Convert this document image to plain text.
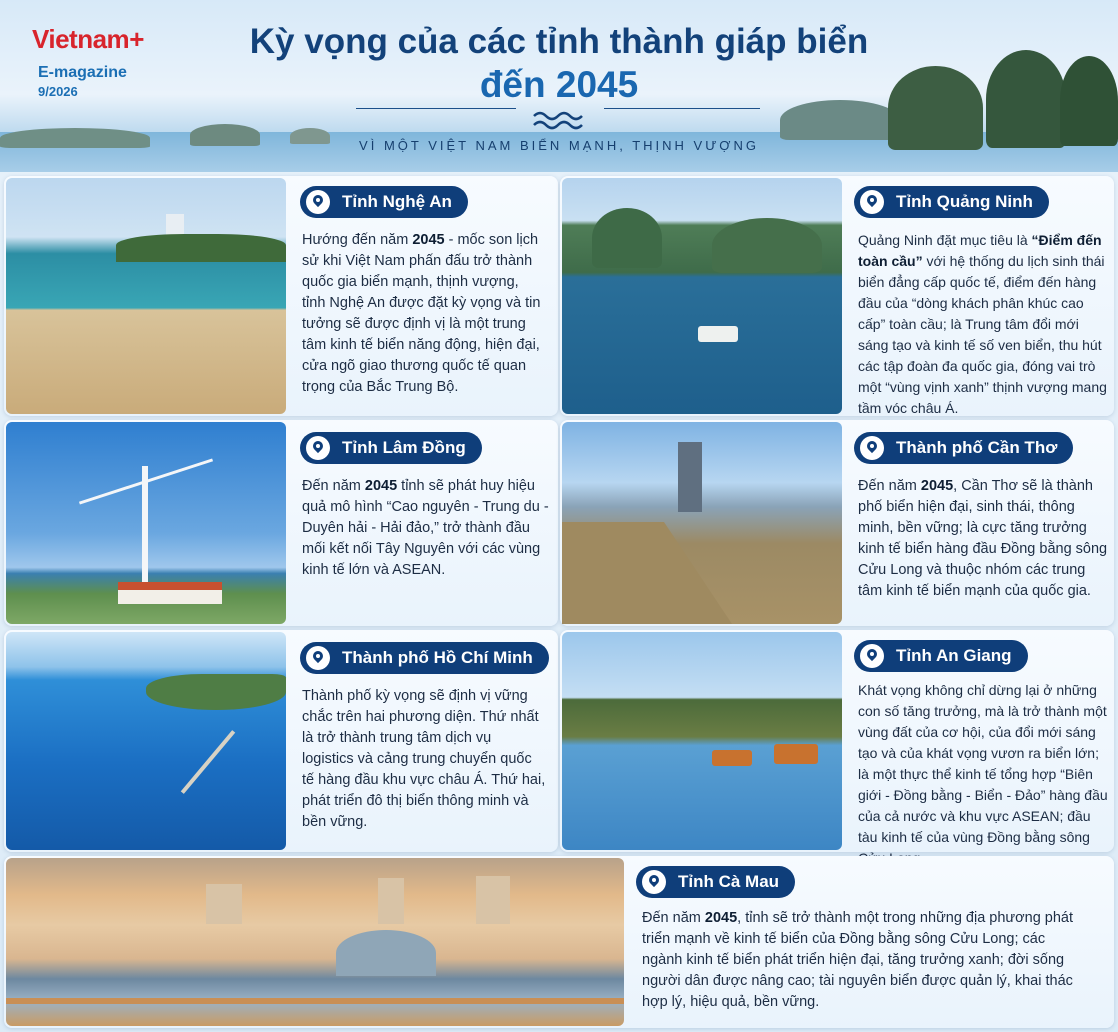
Vietnam+
E-magazine
9/2026
Kỳ vọng của các tỉnh thành giáp biển
đến 2045
VÌ MỘT VIỆT NAM BIỂN MẠNH, THỊNH VƯỢNG
Tỉnh Nghệ An
Hướng đến năm 2045 - mốc son lịch sử khi Việt Nam phấn đấu trở thành quốc gia biển mạnh, thịnh vượng, tỉnh Nghệ An được đặt kỳ vọng và tin tưởng sẽ được định vị là một trung tâm kinh tế biển năng động, hiện đại, cửa ngõ giao thương quốc tế quan trọng của Bắc Trung Bộ.
Tỉnh Quảng Ninh
Quảng Ninh đặt mục tiêu là “Điểm đến toàn cầu” với hệ thống du lịch sinh thái biển đẳng cấp quốc tế, điểm đến hàng đầu của “dòng khách phân khúc cao cấp” toàn cầu; là Trung tâm đổi mới sáng tạo và kinh tế số ven biển, thu hút các tập đoàn đa quốc gia, đóng vai trò một “vùng vịnh xanh” thịnh vượng mang tầm vóc châu Á.
Tỉnh Lâm Đồng
Đến năm 2045 tỉnh sẽ phát huy hiệu quả mô hình “Cao nguyên - Trung du - Duyên hải - Hải đảo,” trở thành đầu mối kết nối Tây Nguyên với các vùng kinh tế lớn và ASEAN.
Thành phố Cần Thơ
Đến năm 2045, Cần Thơ sẽ là thành phố biển hiện đại, sinh thái, thông minh, bền vững; là cực tăng trưởng kinh tế biển hàng đầu Đồng bằng sông Cửu Long và thuộc nhóm các trung tâm kinh tế biển mạnh của quốc gia.
Thành phố Hồ Chí Minh
Thành phố kỳ vọng sẽ định vị vững chắc trên hai phương diện. Thứ nhất là trở thành trung tâm dịch vụ logistics và cảng trung chuyển quốc tế hàng đầu khu vực châu Á. Thứ hai, phát triển đô thị biển thông minh và bền vững.
Tỉnh An Giang
Khát vọng không chỉ dừng lại ở những con số tăng trưởng, mà là trở thành một vùng đất của cơ hội, của đổi mới sáng tạo và của khát vọng vươn ra biển lớn; là một thực thể kinh tế tổng hợp “Biên giới - Đồng bằng - Biển - Đảo” hàng đầu của cả nước và khu vực ASEAN; đầu tàu kinh tế của vùng Đồng bằng sông
Tỉnh Cà Mau
Đến năm 2045, tỉnh sẽ trở thành một trong những địa phương phát triển mạnh về kinh tế biển của Đồng bằng sông Cửu Long; các ngành kinh tế biển phát triển hiện đại, tăng trưởng xanh; đời sống người dân được nâng cao; tài nguyên biển được quản lý, khai thác hợp lý, hiệu quả, bền vững.
